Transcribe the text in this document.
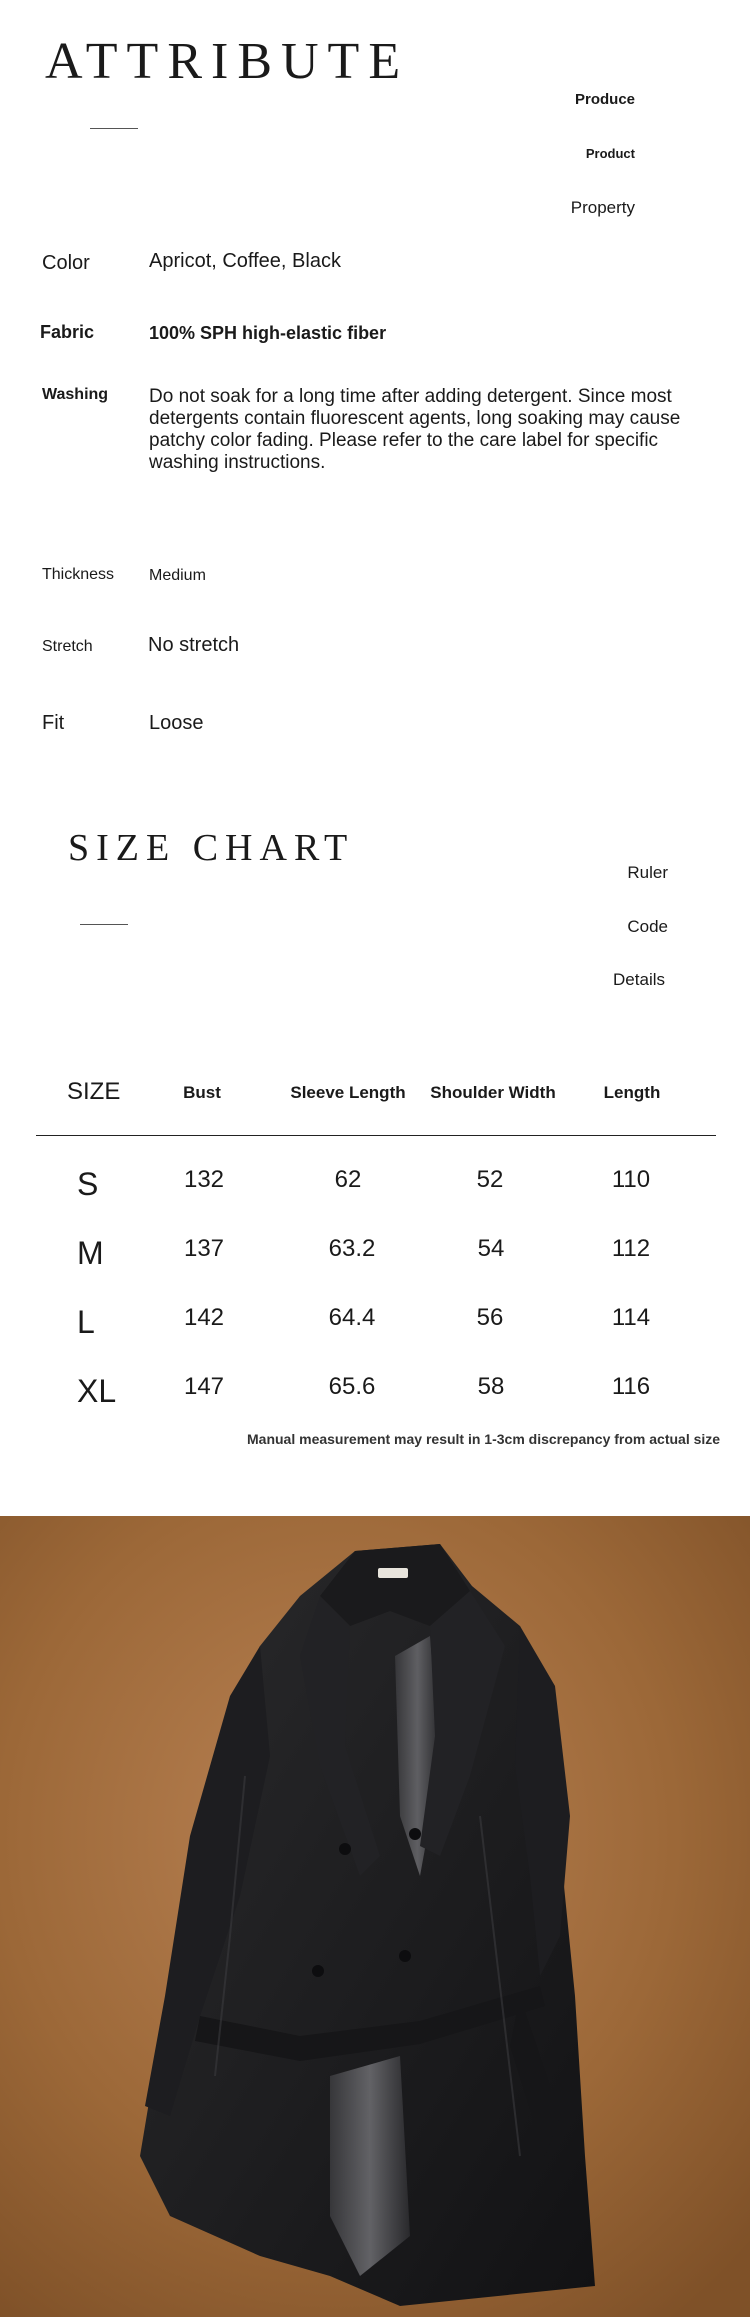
ATTRIBUTE
Produce
Product
Property
Color	Apricot, Coffee, Black
Fabric	100% SPH high-elastic fiber
Washing Do not soak for a long time after adding detergent. Since most detergents contain fluorescent agents, long soaking may cause patchy color fading. Please refer to the care label for specific washing instructions.
Thickness Medium
Stretch	No stretch
Fit	Loose
SIZE CHART
Ruler
Code
Details
SIZE	Bust	Sleeve Length	Shoulder Width	Length
S	132	62	52	110
M	137	63.2	54	112
L	142	64.4	56	114
XL	147	65.6	58	116
Manual measurement may result in 1-3cm discrepancy from actual size
